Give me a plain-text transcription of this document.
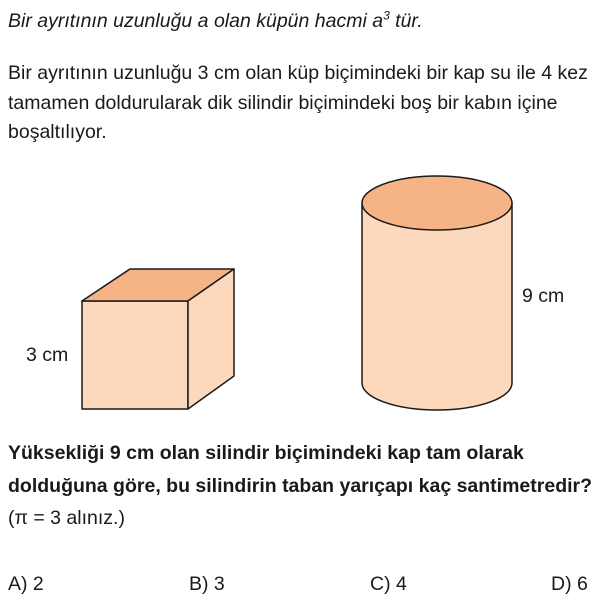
Bir ayrıtının uzunluğu a olan küpün hacmi $a^3$ tür.

Bir ayrıtının uzunluğu 3 cm olan küp biçimindeki bir kap su ile 4 kez tamamen doldurularak dik silindir biçimindeki boş bir kabın içine boşaltılıyor.

3 cm

9 cm

Yüksekliği 9 cm olan silindir biçimindeki kap tam olarak dolduğuna göre, bu silindirin taban yarıçapı kaç santimetredir? (π = 3 alınız.)

A) 2	B) 3	C) 4	D) 6
